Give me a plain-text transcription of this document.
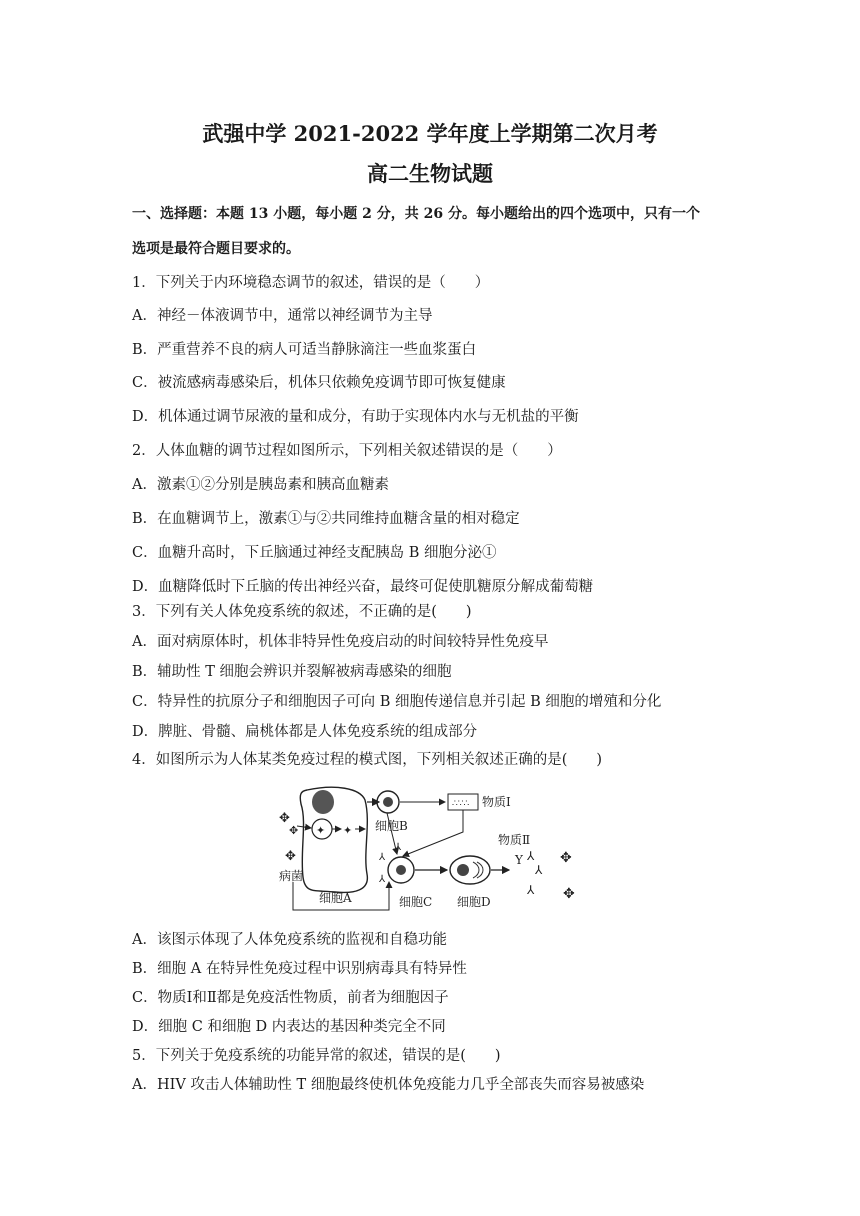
武强中学 2021-2022 学年度上学期第二次月考
高二生物试题
一、选择题：本题 13 小题，每小题 2 分，共 26 分。每小题给出的四个选项中，只有一个
选项是最符合题目要求的。
1．下列关于内环境稳态调节的叙述，错误的是（　　）
A．神经－体液调节中，通常以神经调节为主导
B．严重营养不良的病人可适当静脉滴注一些血浆蛋白
C．被流感病毒感染后，机体只依赖免疫调节即可恢复健康
D．机体通过调节尿液的量和成分，有助于实现体内水与无机盐的平衡
2．人体血糖的调节过程如图所示，下列相关叙述错误的是（　　）
A．激素①②分别是胰岛素和胰高血糖素
B．在血糖调节上，激素①与②共同维持血糖含量的相对稳定
C．血糖升高时，下丘脑通过神经支配胰岛 B 细胞分泌①
D．血糖降低时下丘脑的传出神经兴奋，最终可促使肌糖原分解成葡萄糖
3．下列有关人体免疫系统的叙述，不正确的是(　　)
A．面对病原体时，机体非特异性免疫启动的时间较特异性免疫早
B．辅助性 T 细胞会辨识并裂解被病毒感染的细胞
C．特异性的抗原分子和细胞因子可向 B 细胞传递信息并引起 B 细胞的增殖和分化
D．脾脏、骨髓、扁桃体都是人体免疫系统的组成部分
4．如图所示为人体某类免疫过程的模式图，下列相关叙述正确的是(　　)
✦ ✦
✥
✥
✥
病菌
细胞B
∴∵∴ 物质Ⅰ
⅄
⅄
⅄
细胞C 细胞D
物质Ⅱ
⅄
⅄
⅄
Y	✥
✥
细胞A
A．该图示体现了人体免疫系统的监视和自稳功能
B．细胞 A 在特异性免疫过程中识别病毒具有特异性
C．物质Ⅰ和Ⅱ都是免疫活性物质，前者为细胞因子
D．细胞 C 和细胞 D 内表达的基因种类完全不同
5．下列关于免疫系统的功能异常的叙述，错误的是(　　)
A．HIV 攻击人体辅助性 T 细胞最终使机体免疫能力几乎全部丧失而容易被感染
